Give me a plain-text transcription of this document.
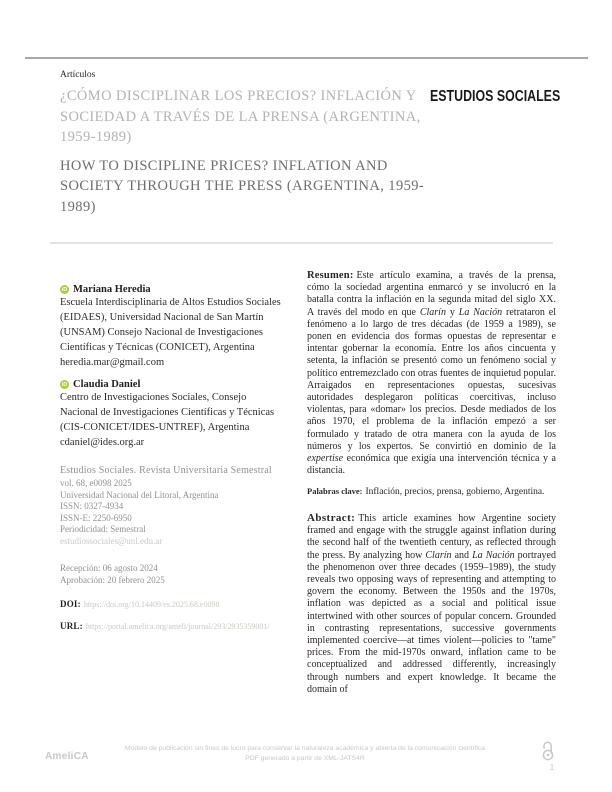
Artículos
¿CÓMO DISCIPLINAR LOS PRECIOS? INFLACIÓN Y SOCIEDAD A TRAVÉS DE LA PRENSA (ARGENTINA, 1959-1989)
HOW TO DISCIPLINE PRICES? INFLATION AND SOCIETY THROUGH THE PRESS (ARGENTINA, 1959-1989)
ESTUDIOS SOCIALES
iD Mariana Heredia
Escuela Interdisciplinaria de Altos Estudios Sociales (EIDAES), Universidad Nacional de San Martín (UNSAM) Consejo Nacional de Investigaciones Científicas y Técnicas (CONICET), Argentina
heredia.mar@gmail.com
iD Claudia Daniel
Centro de Investigaciones Sociales, Consejo Nacional de Investigaciones Científicas y Técnicas (CIS-CONICET/IDES-UNTREF), Argentina
cdaniel@ides.org.ar
Estudios Sociales. Revista Universitaria Semestral
vol. 68, e0098 2025
Universidad Nacional del Litoral, Argentina
ISSN: 0327-4934
ISSN-E: 2250-6950
Periodicidad: Semestral
estudiossociales@unl.edu.ar
Recepción: 06 agosto 2024
Aprobación: 20 febrero 2025
DOI: https://doi.org/10.14409/es.2025.68.e0098
URL: https://portal.amelica.org/ameli/journal/293/2935359001/
Resumen: Este artículo examina, a través de la prensa, cómo la sociedad argentina enmarcó y se involucró en la batalla contra la inflación en la segunda mitad del siglo XX. A través del modo en que Clarín y La Nación retrataron el fenómeno a lo largo de tres décadas (de 1959 a 1989), se ponen en evidencia dos formas opuestas de representar e intentar gobernar la economía. Entre los años cincuenta y setenta, la inflación se presentó como un fenómeno social y político entremezclado con otras fuentes de inquietud popular. Arraigados en representaciones opuestas, sucesivas autoridades desplegaron políticas coercitivas, incluso violentas, para «domar» los precios. Desde mediados de los años 1970, el problema de la inflación empezó a ser formulado y tratado de otra manera con la ayuda de los números y los expertos. Se convirtió en dominio de la expertise económica que exigía una intervención técnica y a distancia.
Palabras clave: Inflación, precios, prensa, gobierno, Argentina.
Abstract: This article examines how Argentine society framed and engage with the struggle against inflation during the second half of the twentieth century, as reflected through the press. By analyzing how Clarín and La Nación portrayed the phenomenon over three decades (1959–1989), the study reveals two opposing ways of representing and attempting to govern the economy. Between the 1950s and the 1970s, inflation was depicted as a social and political issue intertwined with other sources of popular concern. Grounded in contrasting representations, successive governments implemented coercive—at times violent—policies to "tame" prices. From the mid-1970s onward, inflation came to be conceptualized and addressed differently, increasingly through numbers and expert knowledge. It became the domain of
AmeliCA
Modelo de publicación sin fines de lucro para conservar la naturaleza académica y abierta de la comunicación científica
PDF generado a partir de XML-JATS4R
1
